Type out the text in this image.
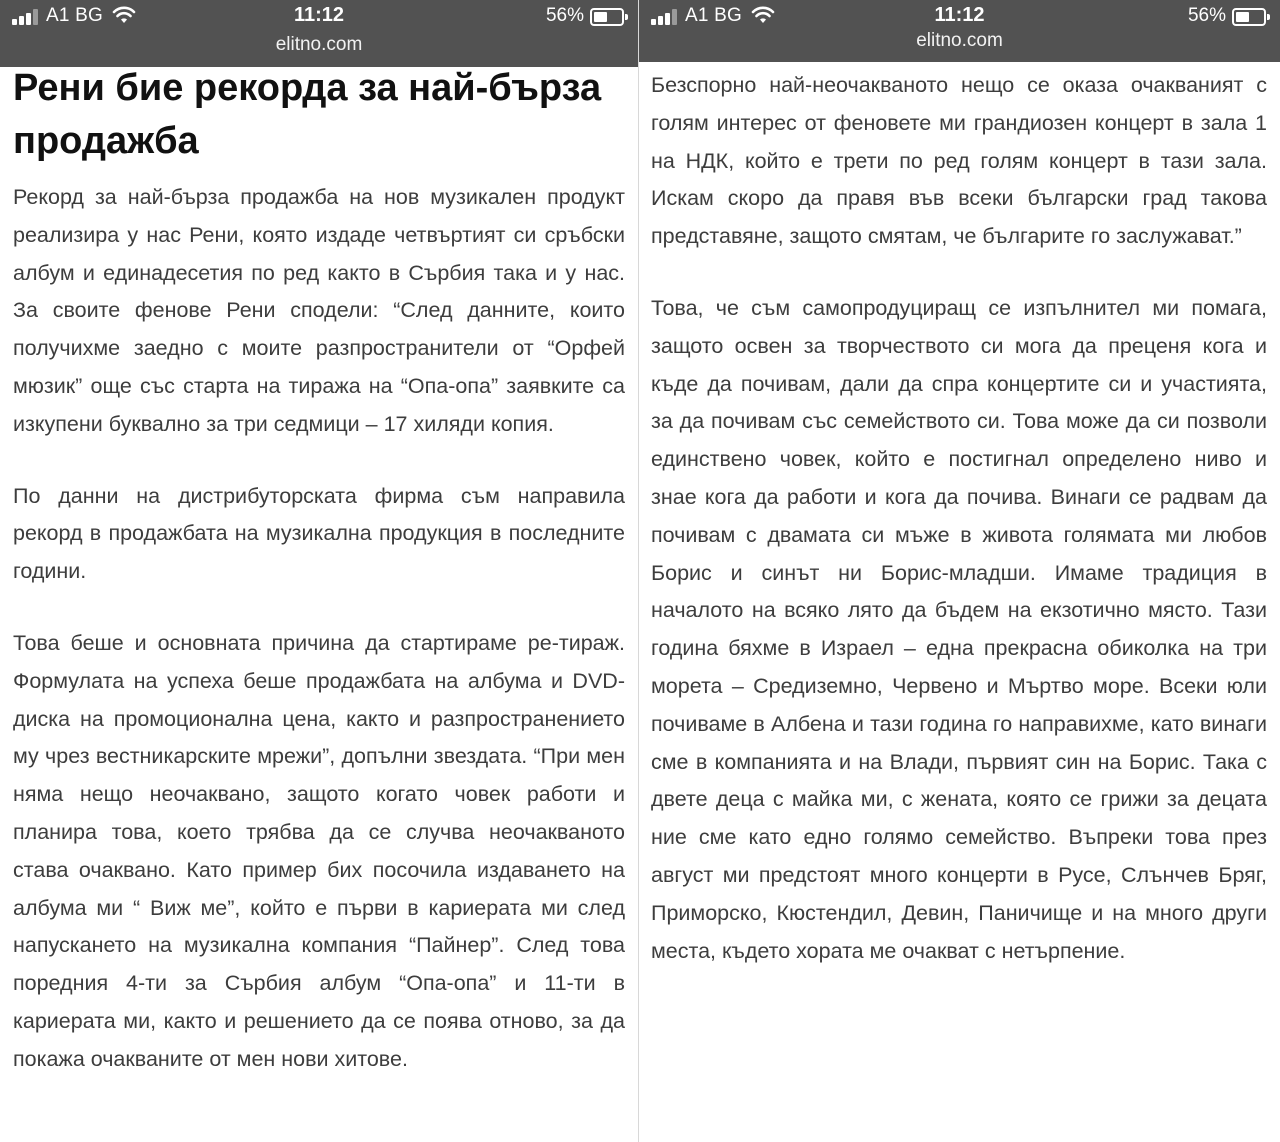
A1 BG	11:12	56%
elitno.com
Рени бие рекорда за най-бърза продажба

Рекорд за най-бърза продажба на нов музикален продукт реализира у нас Рени, която издаде четвъртият си сръбски албум и единадесетия по ред както в Сърбия така и у нас. За своите фенове Рени сподели: “След данните, които получихме заедно с моите разпространители от “Орфей мюзик” още със старта на тиража на “Опа-опа” заявките са изкупени буквално за три седмици – 17 хиляди копия.

По данни на дистрибуторската фирма съм направила рекорд в продажбата на музикална продукция в последните години.

Това беше и основната причина да стартираме ре-тираж. Формулата на успеха беше продажбата на албума и DVD-диска на промоционална цена, както и разпространението му чрез вестникарските мрежи”, допълни звездата. “При мен няма нещо неочаквано, защото когато човек работи и планира това, което трябва да се случва неочакваното става очаквано. Като пример бих посочила издаването на албума ми “ Виж ме”, който е първи в кариерата ми след напускането на музикална компания “Пайнер”. След това поредния 4-ти за Сърбия албум “Опа-опа” и 11-ти в кариерата ми, както и решението да се поява отново, за да покажа очакваните от мен нови хитове.

A1 BG	11:12	56%
elitno.com

Безспорно най-неочакваното нещо се оказа очакваният с голям интерес от феновете ми грандиозен концерт в зала 1 на НДК, който е трети по ред голям концерт в тази зала. Искам скоро да правя във всеки български град такова представяне, защото смятам, че българите го заслужават.”

Това, че съм самопродуциращ се изпълнител ми помага, защото освен за творчеството си мога да преценя кога и къде да почивам, дали да спра концертите си и участията, за да почивам със семейството си. Това може да си позволи единствено човек, който е постигнал определено ниво и знае кога да работи и кога да почива. Винаги се радвам да почивам с двамата си мъже в живота голямата ми любов Борис и синът ни Борис-младши. Имаме традиция в началото на всяко лято да бъдем на екзотично място. Тази година бяхме в Израел – една прекрасна обиколка на три морета – Средиземно, Червено и Мъртво море. Всеки юли почиваме в Албена и тази година го направихме, като винаги сме в компанията и на Влади, първият син на Борис. Така с двете деца с майка ми, с жената, която се грижи за децата ние сме като едно голямо семейство. Въпреки това през август ми предстоят много концерти в Русе, Слънчев Бряг, Приморско, Кюстендил, Девин, Паничище и на много други места, където хората ме очакват с нетърпение.
